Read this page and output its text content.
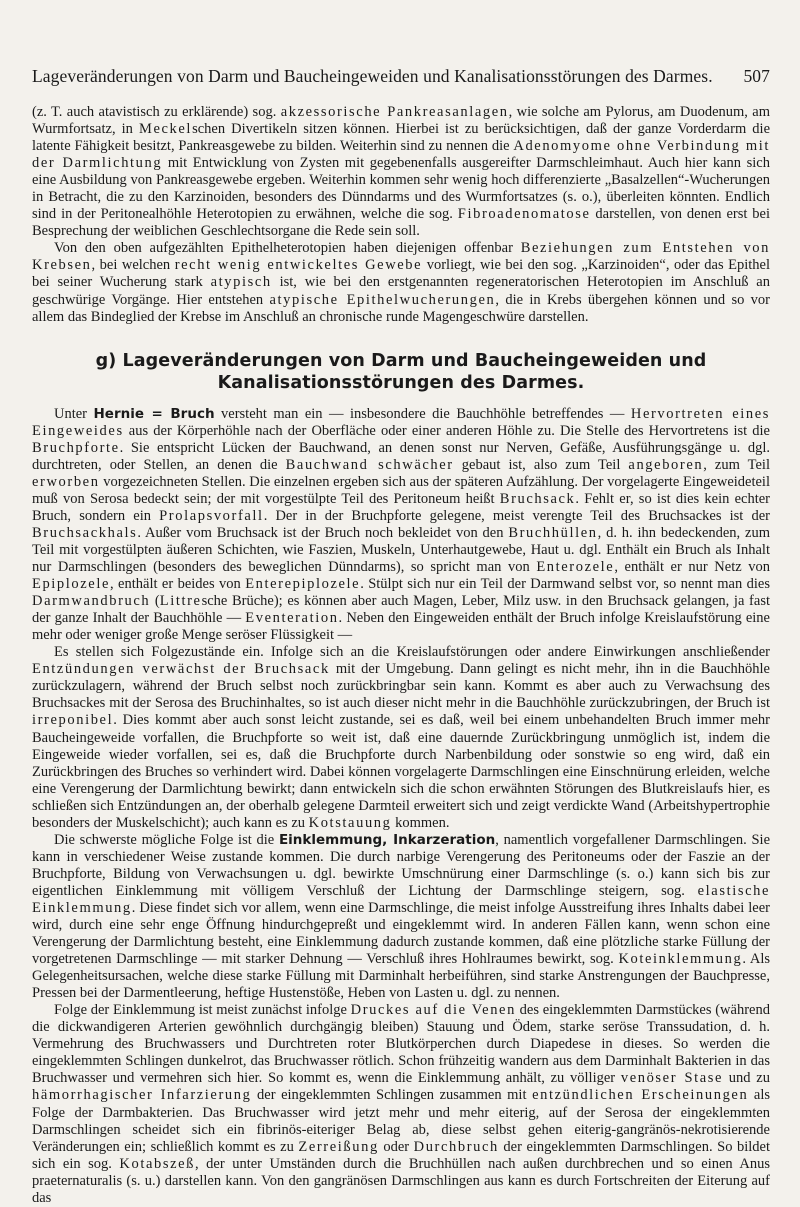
Lageveränderungen von Darm und Baucheingeweiden und Kanalisationsstörungen des Darmes. 507

(z. T. auch atavistisch zu erklärende) sog. akzessorische Pankreasanlagen, wie solche am Pylorus, am Duodenum, am Wurmfortsatz, in Meckelschen Divertikeln sitzen können. Hierbei ist zu berücksichtigen, daß der ganze Vorderdarm die latente Fähigkeit besitzt, Pankreasgewebe zu bilden. Weiterhin sind zu nennen die Adenomyome ohne Verbindung mit der Darmlichtung mit Entwicklung von Zysten mit gegebenenfalls ausgereifter Darmschleimhaut. Auch hier kann sich eine Ausbildung von Pankreasgewebe ergeben. Weiterhin kommen sehr wenig hoch differenzierte „Basalzellen“-Wucherungen in Betracht, die zu den Karzinoiden, besonders des Dünndarms und des Wurmfortsatzes (s. o.), überleiten könnten. Endlich sind in der Peritonealhöhle Heterotopien zu erwähnen, welche die sog. Fibroadenomatose darstellen, von denen erst bei Besprechung der weiblichen Geschlechtsorgane die Rede sein soll.

Von den oben aufgezählten Epithelheterotopien haben diejenigen offenbar Beziehungen zum Entstehen von Krebsen, bei welchen recht wenig entwickeltes Gewebe vorliegt, wie bei den sog. „Karzinoiden“, oder das Epithel bei seiner Wucherung stark atypisch ist, wie bei den erstgenannten regeneratorischen Heterotopien im Anschluß an geschwürige Vorgänge. Hier entstehen atypische Epithelwucherungen, die in Krebs übergehen können und so vor allem das Bindeglied der Krebse im Anschluß an chronische runde Magengeschwüre darstellen.

g) Lageveränderungen von Darm und Baucheingeweiden und
Kanalisationsstörungen des Darmes.

Unter Hernie = Bruch versteht man ein — insbesondere die Bauchhöhle betreffendes — Hervortreten eines Eingeweides aus der Körperhöhle nach der Oberfläche oder einer anderen Höhle zu. Die Stelle des Hervortretens ist die Bruchpforte. Sie entspricht Lücken der Bauchwand, an denen sonst nur Nerven, Gefäße, Ausführungsgänge u. dgl. durchtreten, oder Stellen, an denen die Bauchwand schwächer gebaut ist, also zum Teil angeboren, zum Teil erworben vorgezeichneten Stellen. Die einzelnen ergeben sich aus der späteren Aufzählung. Der vorgelagerte Eingeweideteil muß von Serosa bedeckt sein; der mit vorgestülpte Teil des Peritoneum heißt Bruchsack. Fehlt er, so ist dies kein echter Bruch, sondern ein Prolapsvorfall. Der in der Bruchpforte gelegene, meist verengte Teil des Bruchsackes ist der Bruchsackhals. Außer vom Bruchsack ist der Bruch noch bekleidet von den Bruchhüllen, d. h. ihn bedeckenden, zum Teil mit vorgestülpten äußeren Schichten, wie Faszien, Muskeln, Unterhautgewebe, Haut u. dgl. Enthält ein Bruch als Inhalt nur Darmschlingen (besonders des beweglichen Dünndarms), so spricht man von Enterozele, enthält er nur Netz von Epiplozele, enthält er beides von Enterepiplozele. Stülpt sich nur ein Teil der Darmwand selbst vor, so nennt man dies Darmwandbruch (Littresche Brüche); es können aber auch Magen, Leber, Milz usw. in den Bruchsack gelangen, ja fast der ganze Inhalt der Bauchhöhle — Eventeration. Neben den Eingeweiden enthält der Bruch infolge Kreislaufstörung eine mehr oder weniger große Menge seröser Flüssigkeit —

Es stellen sich Folgezustände ein. Infolge sich an die Kreislaufstörungen oder andere Einwirkungen anschließender Entzündungen verwächst der Bruchsack mit der Umgebung. Dann gelingt es nicht mehr, ihn in die Bauchhöhle zurückzulagern, während der Bruch selbst noch zurückbringbar sein kann. Kommt es aber auch zu Verwachsung des Bruchsackes mit der Serosa des Bruchinhaltes, so ist auch dieser nicht mehr in die Bauchhöhle zurückzubringen, der Bruch ist irreponibel. Dies kommt aber auch sonst leicht zustande, sei es daß, weil bei einem unbehandelten Bruch immer mehr Baucheingeweide vorfallen, die Bruchpforte so weit ist, daß eine dauernde Zurückbringung unmöglich ist, indem die Eingeweide wieder vorfallen, sei es, daß die Bruchpforte durch Narbenbildung oder sonstwie so eng wird, daß ein Zurückbringen des Bruches so verhindert wird. Dabei können vorgelagerte Darmschlingen eine Einschnürung erleiden, welche eine Verengerung der Darmlichtung bewirkt; dann entwickeln sich die schon erwähnten Störungen des Blutkreislaufs hier, es schließen sich Entzündungen an, der oberhalb gelegene Darmteil erweitert sich und zeigt verdickte Wand (Arbeitshypertrophie besonders der Muskelschicht); auch kann es zu Kotstauung kommen.

Die schwerste mögliche Folge ist die Einklemmung, Inkarzeration, namentlich vorgefallener Darmschlingen. Sie kann in verschiedener Weise zustande kommen. Die durch narbige Verengerung des Peritoneums oder der Faszie an der Bruchpforte, Bildung von Verwachsungen u. dgl. bewirkte Umschnürung einer Darmschlinge (s. o.) kann sich bis zur eigentlichen Einklemmung mit völligem Verschluß der Lichtung der Darmschlinge steigern, sog. elastische Einklemmung. Diese findet sich vor allem, wenn eine Darmschlinge, die meist infolge Ausstreifung ihres Inhalts dabei leer wird, durch eine sehr enge Öffnung hindurchgepreßt und eingeklemmt wird. In anderen Fällen kann, wenn schon eine Verengerung der Darmlichtung besteht, eine Einklemmung dadurch zustande kommen, daß eine plötzliche starke Füllung der vorgetretenen Darmschlinge — mit starker Dehnung — Verschluß ihres Hohlraumes bewirkt, sog. Koteinklemmung. Als Gelegenheitsursachen, welche diese starke Füllung mit Darminhalt herbeiführen, sind starke Anstrengungen der Bauchpresse, Pressen bei der Darmentleerung, heftige Hustenstöße, Heben von Lasten u. dgl. zu nennen.

Folge der Einklemmung ist meist zunächst infolge Druckes auf die Venen des eingeklemmten Darmstückes (während die dickwandigeren Arterien gewöhnlich durchgängig bleiben) Stauung und Ödem, starke seröse Transsudation, d. h. Vermehrung des Bruchwassers und Durchtreten roter Blutkörperchen durch Diapedese in dieses. So werden die eingeklemmten Schlingen dunkelrot, das Bruchwasser rötlich. Schon frühzeitig wandern aus dem Darminhalt Bakterien in das Bruchwasser und vermehren sich hier. So kommt es, wenn die Einklemmung anhält, zu völliger venöser Stase und zu hämorrhagischer Infarzierung der eingeklemmten Schlingen zusammen mit entzündlichen Erscheinungen als Folge der Darmbakterien. Das Bruchwasser wird jetzt mehr und mehr eiterig, auf der Serosa der eingeklemmten Darmschlingen scheidet sich ein fibrinös-eiteriger Belag ab, diese selbst gehen eiterig-gangränös-nekrotisierende Veränderungen ein; schließlich kommt es zu Zerreißung oder Durchbruch der eingeklemmten Darmschlingen. So bildet sich ein sog. Kotabszeß, der unter Umständen durch die Bruchhüllen nach außen durchbrechen und so einen Anus praeternaturalis (s. u.) darstellen kann. Von den gangränösen Darmschlingen aus kann es durch Fortschreiten der Eiterung auf das
